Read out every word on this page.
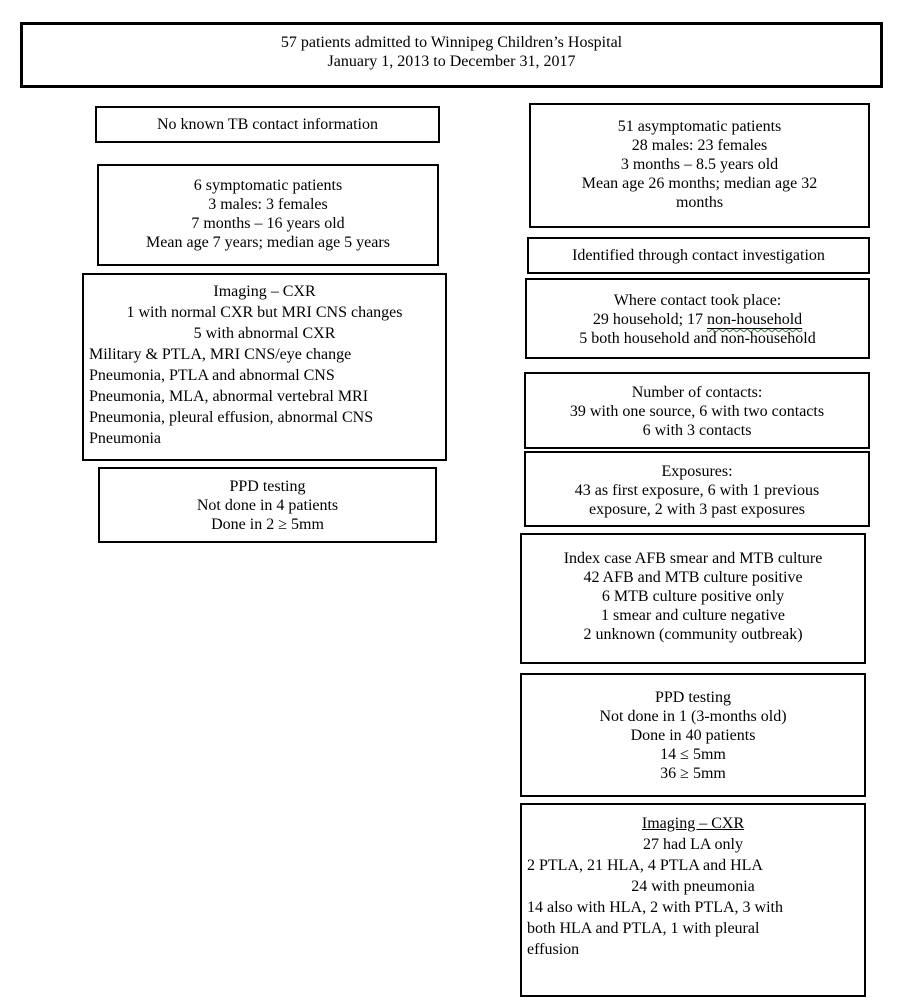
57 patients admitted to Winnipeg Children’s Hospital
January 1, 2013 to December 31, 2017
No known TB contact information
6 symptomatic patients
3 males: 3 females
7 months – 16 years old
Mean age 7 years; median age 5 years
Imaging – CXR
1 with normal CXR but MRI CNS changes
5 with abnormal CXR
Military & PTLA, MRI CNS/eye change
Pneumonia, PTLA and abnormal CNS
Pneumonia, MLA, abnormal vertebral MRI
Pneumonia, pleural effusion, abnormal CNS
Pneumonia
PPD testing
Not done in 4 patients
Done in 2 ≥ 5mm
51 asymptomatic patients
28 males: 23 females
3 months – 8.5 years old
Mean age 26 months; median age 32
months
Identified through contact investigation
Where contact took place:
29 household; 17 non-household
5 both household and non-household
Number of contacts:
39 with one source, 6 with two contacts
6 with 3 contacts
Exposures:
43 as first exposure, 6 with 1 previous
exposure, 2 with 3 past exposures
Index case AFB smear and MTB culture
42 AFB and MTB culture positive
6 MTB culture positive only
1 smear and culture negative
2 unknown (community outbreak)
PPD testing
Not done in 1 (3-months old)
Done in 40 patients
14 ≤ 5mm
36 ≥ 5mm
Imaging – CXR
27 had LA only
2 PTLA, 21 HLA, 4 PTLA and HLA
24 with pneumonia
14 also with HLA, 2 with PTLA, 3 with
both HLA and PTLA, 1 with pleural
effusion
